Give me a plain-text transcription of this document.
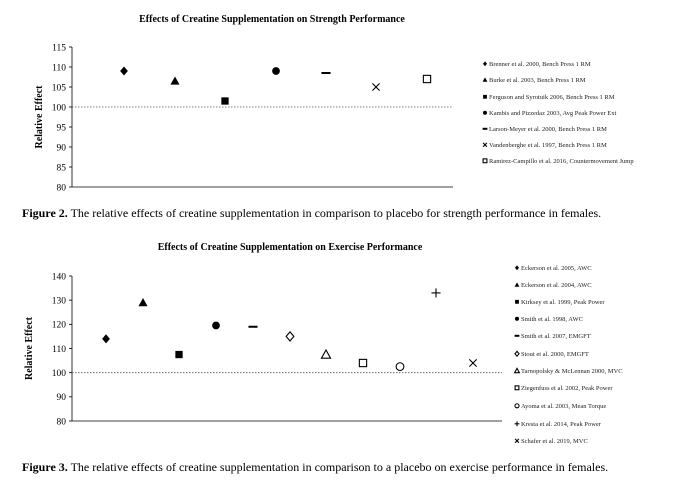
Effects of Creatine Supplementation on Strength Performance
80
85
90
95
100
105
110
115
Relative Effect
Brenner et al. 2000, Bench Press 1 RM
Burke et al. 2003, Bench Press 1 RM
Ferguson and Syrotuik 2006, Bench Press 1 RM
Kambis and Pizzedaz 2003, Avg Peak Power Ext
Larson-Meyer et al. 2000, Bench Press 1 RM
Vandenberghe et al. 1997, Bench Press 1 RM
Ramirez-Campillo et al. 2016, Countermovement Jump
Figure 2. The relative effects of creatine supplementation in comparison to placebo for strength performance in females.
Effects of Creatine Supplementation on Exercise Performance
80
90
100
110
120
130
140
Relative Effect
Eckerson et al. 2005, AWC
Eckerson et al. 2004, AWC
Kirksey et al. 1999, Peak Power
Smith et al. 1998, AWC
Smith et al. 2007, EMGFT
Stout et al. 2000, EMGFT
Tarnopolsky & McLennan 2000, MVC
Ziegenfuss et al. 2002, Peak Power
Ayoma et al. 2003, Mean Torque
Kresta et al. 2014, Peak Power
Schafer et al. 2019, MVC
Figure 3. The relative effects of creatine supplementation in comparison to a placebo on exercise performance in females.
